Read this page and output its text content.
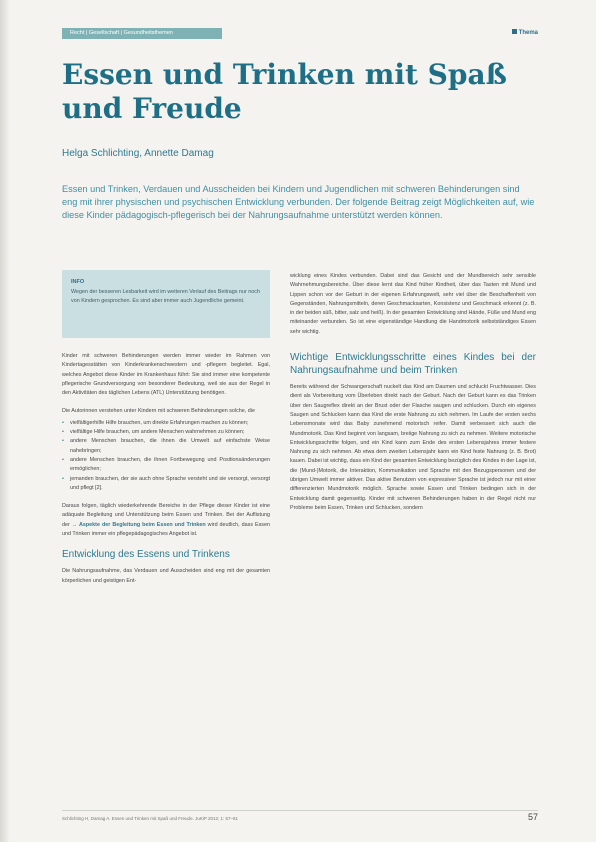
Recht | Gesellschaft | Gesundheitsthemen	Thema
Essen und Trinken mit Spaß und Freude
Helga Schlichting, Annette Damag
Essen und Trinken, Verdauen und Ausscheiden bei Kindern und Jugendlichen mit schweren Behinderungen sind eng mit ihrer physischen und psychischen Entwicklung verbunden. Der folgende Beitrag zeigt Möglichkeiten auf, wie diese Kinder pädagogisch-pflegerisch bei der Nahrungsaufnahme unterstützt werden können.
INFO
Wegen der besseren Lesbarkeit wird im weiteren Verlauf des Beitrags nur noch von Kindern gesprochen. Es sind aber immer auch Jugendliche gemeint.

Kinder mit schweren Behinderungen werden immer wieder im Rahmen von Kindertagesstätten von Kinderkrankenschwestern und -pflegern begleitet. Egal, welches Angebot diese Kinder im Krankenhaus führt: Sie sind immer eine kompetente pflegerische Grundversorgung von besonderer Bedeutung, weil sie aus der Regel in den Aktivitäten des täglichen Lebens (ATL) Unterstützung benötigen.

Die Autorinnen verstehen unter Kindern mit schweren Behinderungen solche, die

• vielfältigerhilfe Hilfe brauchen, um direkte Erfahrungen machen zu können;
• vielfältige Hilfe brauchen, um andere Menschen wahrnehmen zu können;
• andere Menschen brauchen, die ihnen die Umwelt auf einfachste Weise nahebringen;
• andere Menschen brauchen, die ihnen Fortbewegung und Positionsänderungen ermöglichen;
• jemanden brauchen, der sie auch ohne Sprache versteht und sie versorgt, versorgt und pflegt [2].

Daraus folgen, täglich wiederkehrende Bereiche in der Pflege dieser Kinder ist eine adäquate Begleitung und Unterstützung beim Essen und Trinken. Bei der Auflistung der → Aspekte der Begleitung beim Essen und Trinken wird deutlich, dass Essen und Trinken immer ein pflegepädagogisches Angebot ist.

Entwicklung des Essens und Trinkens

Die Nahrungsaufnahme, das Verdauen und Ausscheiden sind eng mit der gesamten körperlichen und geistigen Ent-

wicklung eines Kindes verbunden. Dabei sind das Gesicht und der Mundbereich sehr sensible Wahrnehmungsbereiche. Über diese lernt das Kind früher Kindheit, über das Tasten mit Mund und Lippen schon vor der Geburt in der eigenen Erfahrungswelt, sehr viel über die Beschaffenheit von Gegenständen, Nahrungsmitteln, deren Geschmacksarten, Konsistenz und Geschmack erkennt (z. B. in der beiden süß, bitter, salz und heiß). In der gesamten Entwicklung sind Hände, Füße und Mund eng miteinander verbunden. So ist eine eigenständige Handlung die Handmotorik selbstständiges Essen sehr wichtig.

Wichtige Entwicklungsschritte eines Kindes bei der Nahrungsaufnahme und beim Trinken

Bereits während der Schwangerschaft nuckelt das Kind am Daumen und schluckt Fruchtwasser. Dies dient als Vorbereitung vom Überleben direkt nach der Geburt. Nach der Geburt kann es das Trinken über den Saugreflex direkt an der Brust oder der Flasche saugen und schlucken. Durch ein eigenes Saugen und Schlucken kann das Kind die erste Nahrung zu sich nehmen. Im Laufe der ersten sechs Lebensmonate wird das Baby zunehmend motorisch reifer. Damit verbessert sich auch die Mundmotorik. Das Kind beginnt von langsam, breiige Nahrung zu sich zu nehmen. Weitere motorische Entwicklungsschritte folgen, und ein Kind kann zum Ende des ersten Lebensjahres immer festere Nahrung zu sich nehmen. Ab etwa dem zweiten Lebensjahr kann ein Kind feste Nahrung (z. B. Brot) kauen. Dabei ist wichtig, dass ein Kind der gesamten Entwicklung bezüglich des Kindes in der Lage ist, die (Mund-)Motorik, die Interaktion, Kommunikation und Sprache mit den Bezugspersonen und der übrigen Umwelt immer aktiver. Das aktive Benutzen von expressiver Sprache ist jedoch nur mit einer differenzierten Mundmotorik möglich. Sprache sowie Essen und Trinken bedingen sich in der Entwicklung damit gegenseitig. Kinder mit schweren Behinderungen haben in der Regel nicht nur Probleme beim Essen, Trinken und Schlucken, sondern

Schlichting H, Damag A. Essen und Trinken mit Spaß und Freude. JuKiP 2012; 1: 57–61	57
